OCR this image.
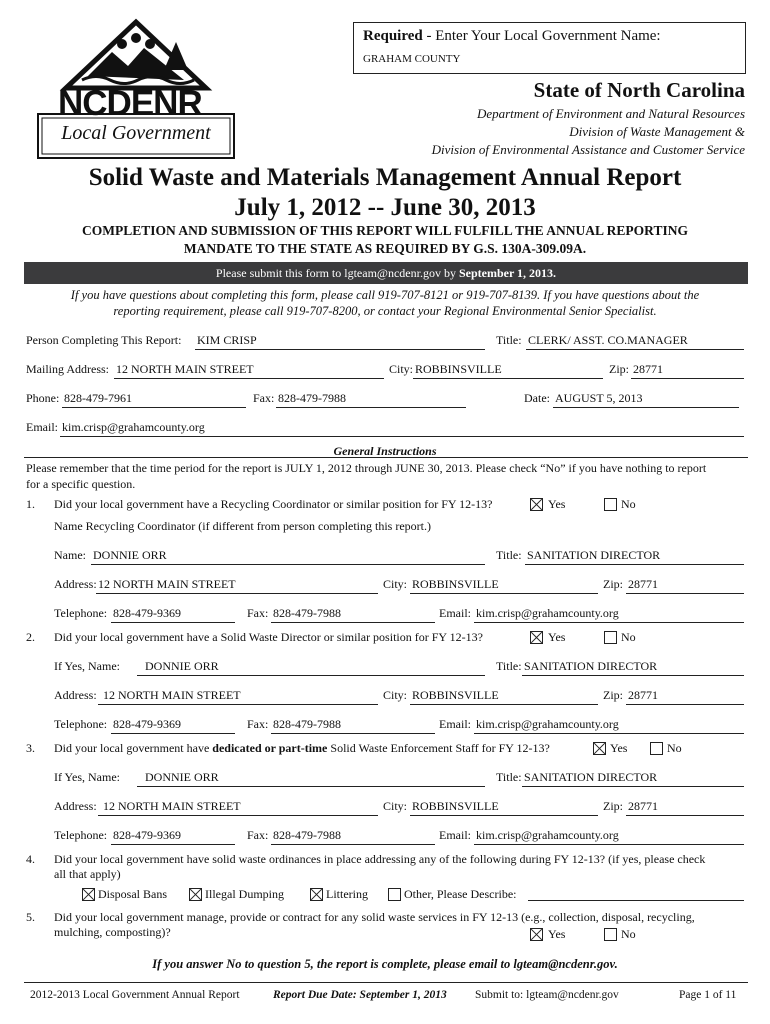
NCDENR
Local Government
Required - Enter Your Local Government Name:
GRAHAM COUNTY
State of North Carolina
Department of Environment and Natural Resources
Division of Waste Management &
Division of Environmental Assistance and Customer Service
Solid Waste and Materials Management Annual Report
July 1, 2012 -- June 30, 2013
COMPLETION AND SUBMISSION OF THIS REPORT WILL FULFILL THE ANNUAL REPORTING
MANDATE TO THE STATE AS REQUIRED BY G.S. 130A-309.09A.
Please submit this form to lgteam@ncdenr.gov by September 1, 2013.
If you have questions about completing this form, please call 919-707-8121 or 919-707-8139. If you have questions about the
reporting requirement, please call 919-707-8200, or contact your Regional Environmental Senior Specialist.
Person Completing This Report: KIM CRISP	Title: CLERK/ ASST. CO.MANAGER
Mailing Address: 12 NORTH MAIN STREET	City: ROBBINSVILLE	Zip: 28771
Phone: 828-479-7961	Fax: 828-479-7988	Date: AUGUST 5, 2013
Email: kim.crisp@grahamcounty.org
General Instructions
Please remember that the time period for the report is JULY 1, 2012 through JUNE 30, 2013. Please check “No” if you have nothing to report
for a specific question.
1. Did your local government have a Recycling Coordinator or similar position for FY 12-13?	Yes	No
Name Recycling Coordinator (if different from person completing this report.)
Name: DONNIE ORR	Title: SANITATION DIRECTOR
Address: 12 NORTH MAIN STREET	City: ROBBINSVILLE	Zip: 28771
Telephone: 828-479-9369	Fax: 828-479-7988	Email: kim.crisp@grahamcounty.org
2. Did your local government have a Solid Waste Director or similar position for FY 12-13?	Yes	No
If Yes, Name: DONNIE ORR	Title: SANITATION DIRECTOR
Address: 12 NORTH MAIN STREET	City: ROBBINSVILLE	Zip: 28771
Telephone: 828-479-9369	Fax: 828-479-7988	Email: kim.crisp@grahamcounty.org
3. Did your local government have dedicated or part-time Solid Waste Enforcement Staff for FY 12-13?	Yes	No
If Yes, Name: DONNIE ORR	Title: SANITATION DIRECTOR
Address: 12 NORTH MAIN STREET	City: ROBBINSVILLE	Zip: 28771
Telephone: 828-479-9369	Fax: 828-479-7988	Email: kim.crisp@grahamcounty.org
4. Did your local government have solid waste ordinances in place addressing any of the following during FY 12-13? (if yes, please check
all that apply)
Disposal Bans	Illegal Dumping	Littering	Other, Please Describe:
5. Did your local government manage, provide or contract for any solid waste services in FY 12-13 (e.g., collection, disposal, recycling,
mulching, composting)?	Yes	No
If you answer No to question 5, the report is complete, please email to lgteam@ncdenr.gov.
2012-2013 Local Government Annual Report	Report Due Date: September 1, 2013 Submit to: lgteam@ncdenr.gov	Page 1 of 11
